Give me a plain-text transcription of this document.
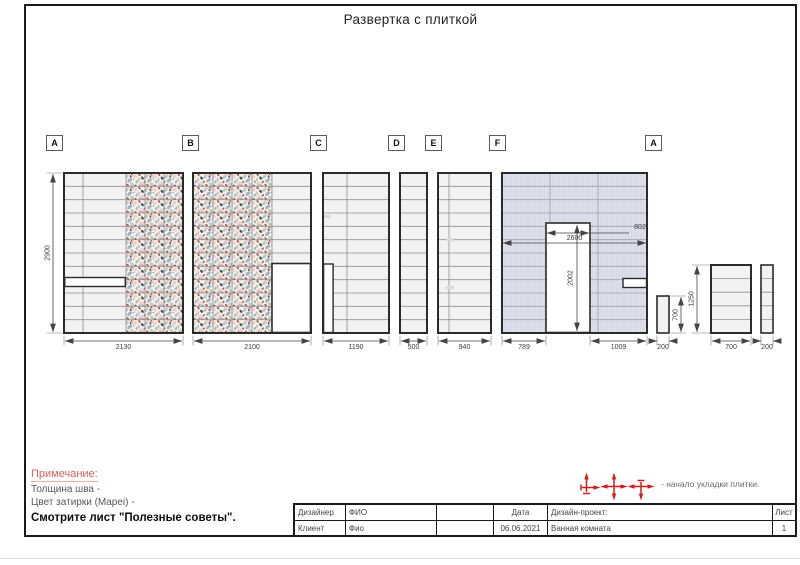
Развертка с плиткой
A	B	C	D	E	F	A
2130	2100	1190	500	940	789	1009
2600
802
200	700	200
2900
2002
700
1250
Примечание:
Толщина шва -
Цвет затирки (Mapei) -
Смотрите лист "Полезные советы".
- начало укладки плитки.
Дизайнер	ФИО	Дата	Дизайн-проект:	Лист
Клиент	Фио	06.06.2021	Ванная комната	1
